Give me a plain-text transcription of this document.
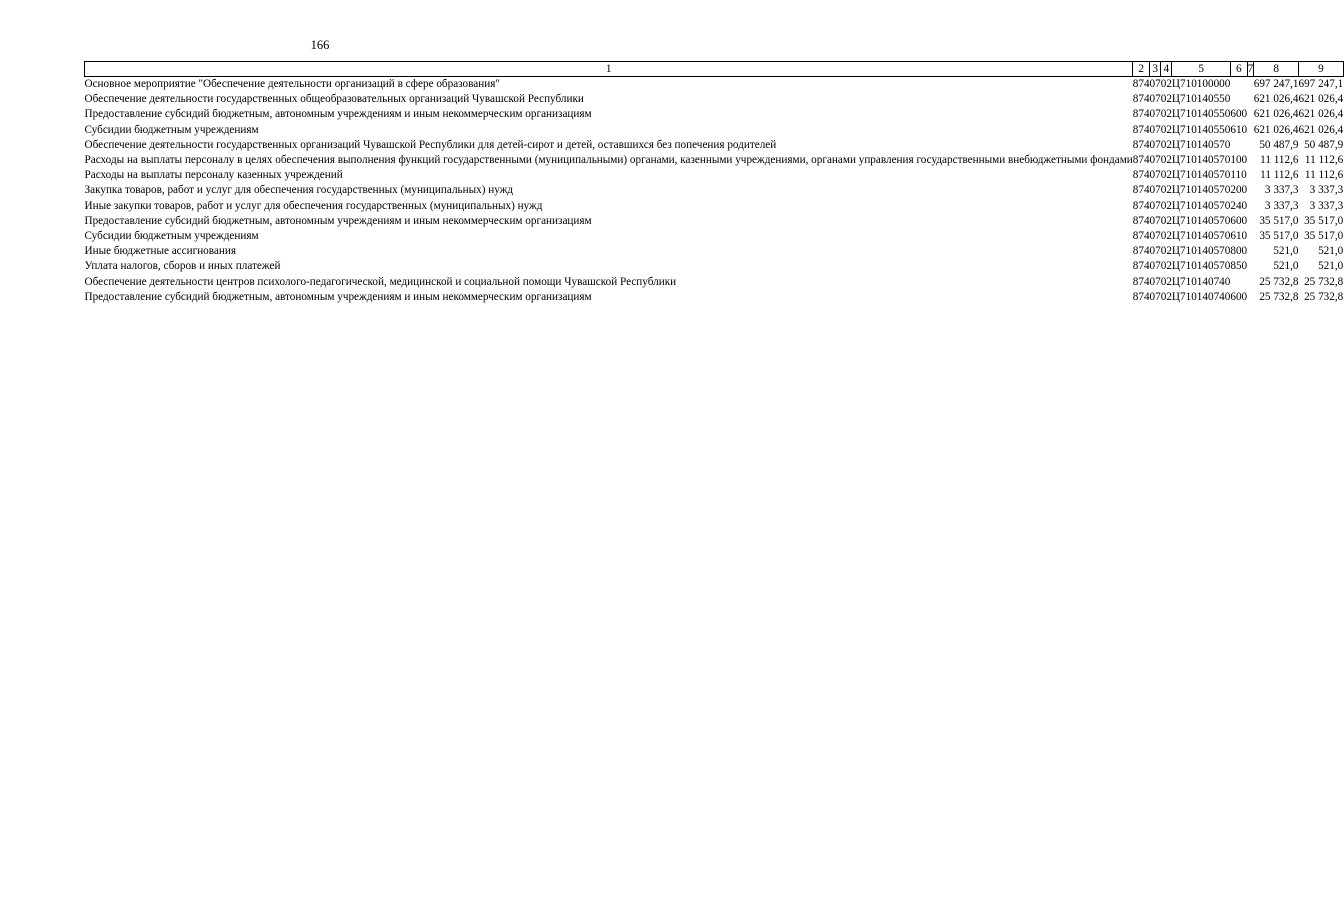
166
1	2	3	4	5	6	7	8	9
Основное мероприятие "Обеспечение деятельности организаций в сфере образования"	874	07	02	Ц710100000			697 247,1	697 247,1
Обеспечение деятельности государственных общеобразовательных организаций Чувашской Республики	874	07	02	Ц710140550			621 026,4	621 026,4
Предоставление субсидий бюджетным, автономным учреждениям и иным некоммерческим организациям	874	07	02	Ц710140550	600		621 026,4	621 026,4
Субсидии бюджетным учреждениям	874	07	02	Ц710140550	610		621 026,4	621 026,4
Обеспечение деятельности государственных организаций Чувашской Республики для детей-сирот и детей, оставшихся без попечения родителей	874	07	02	Ц710140570			50 487,9	50 487,9
Расходы на выплаты персоналу в целях обеспечения выполнения функций государственными (муниципальными) органами, казенными учреждениями, органами управления государственными внебюджетными фондами	874	07	02	Ц710140570	100		11 112,6	11 112,6
Расходы на выплаты персоналу казенных учреждений	874	07	02	Ц710140570	110		11 112,6	11 112,6
Закупка товаров, работ и услуг для обеспечения государственных (муниципальных) нужд	874	07	02	Ц710140570	200		3 337,3	3 337,3
Иные закупки товаров, работ и услуг для обеспечения государственных (муниципальных) нужд	874	07	02	Ц710140570	240		3 337,3	3 337,3
Предоставление субсидий бюджетным, автономным учреждениям и иным некоммерческим организациям	874	07	02	Ц710140570	600		35 517,0	35 517,0
Субсидии бюджетным учреждениям	874	07	02	Ц710140570	610		35 517,0	35 517,0
Иные бюджетные ассигнования	874	07	02	Ц710140570	800		521,0	521,0
Уплата налогов, сборов и иных платежей	874	07	02	Ц710140570	850		521,0	521,0
Обеспечение деятельности центров психолого-педагогической, медицинской и социальной помощи Чувашской Республики	874	07	02	Ц710140740			25 732,8	25 732,8
Предоставление субсидий бюджетным, автономным учреждениям и иным некоммерческим организациям	874	07	02	Ц710140740	600		25 732,8	25 732,8
